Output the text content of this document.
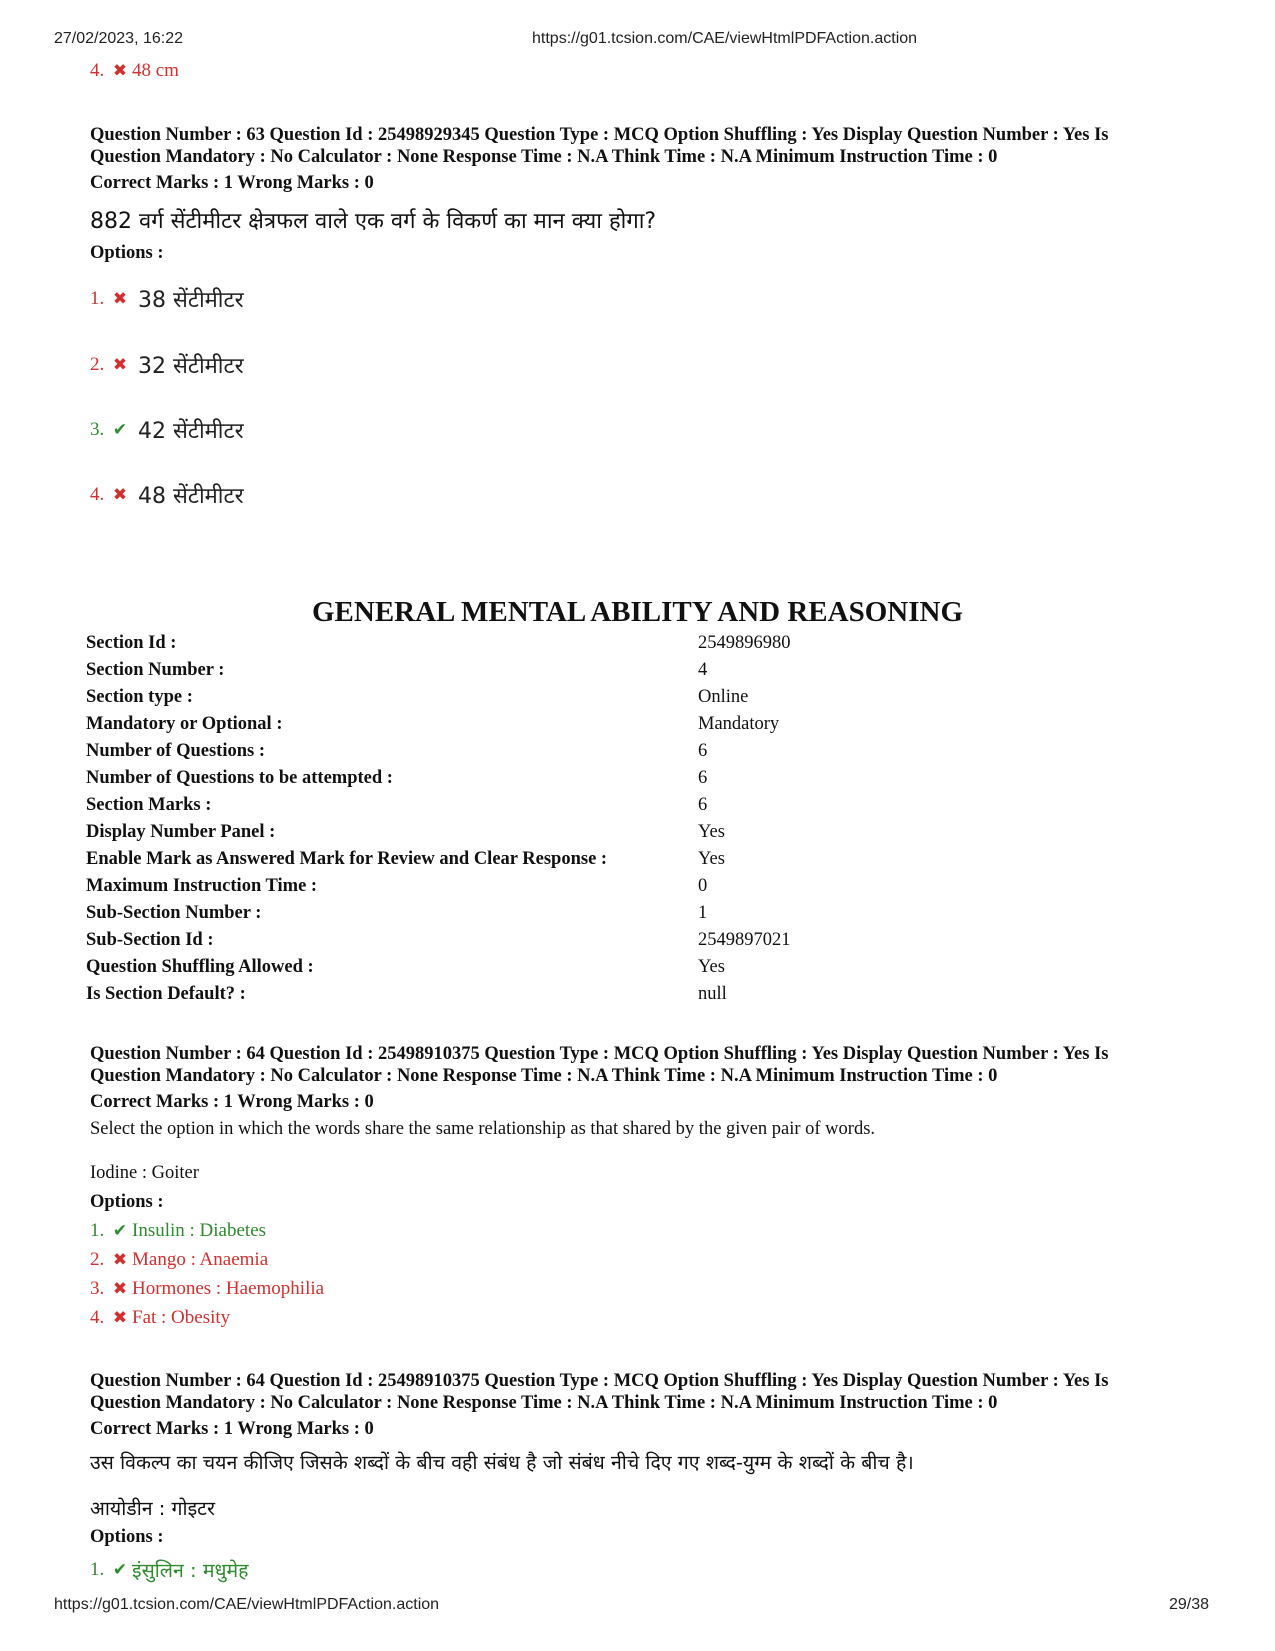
27/02/2023, 16:22	https://g01.tcsion.com/CAE/viewHtmlPDFAction.action
4. ✖ 48 cm
Question Number : 63 Question Id : 25498929345 Question Type : MCQ Option Shuffling : Yes Display Question Number : Yes Is
Question Mandatory : No Calculator : None Response Time : N.A Think Time : N.A Minimum Instruction Time : 0
Correct Marks : 1 Wrong Marks : 0
882 वर्ग सेंटीमीटर क्षेत्रफल वाले एक वर्ग के विकर्ण का मान क्या होगा?
Options :
1. ✖ 38 सेंटीमीटर
2. ✖ 32 सेंटीमीटर
3. ✔ 42 सेंटीमीटर
4. ✖ 48 सेंटीमीटर
GENERAL MENTAL ABILITY AND REASONING
Section Id :	2549896980
Section Number :	4
Section type :	Online
Mandatory or Optional :	Mandatory
Number of Questions :	6
Number of Questions to be attempted :	6
Section Marks :	6
Display Number Panel :	Yes
Enable Mark as Answered Mark for Review and Clear Response :	Yes
Maximum Instruction Time :	0
Sub-Section Number :	1
Sub-Section Id :	2549897021
Question Shuffling Allowed :	Yes
Is Section Default? :	null
Question Number : 64 Question Id : 25498910375 Question Type : MCQ Option Shuffling : Yes Display Question Number : Yes Is
Question Mandatory : No Calculator : None Response Time : N.A Think Time : N.A Minimum Instruction Time : 0
Correct Marks : 1 Wrong Marks : 0
Select the option in which the words share the same relationship as that shared by the given pair of words.
Iodine : Goiter
Options :
1. ✔ Insulin : Diabetes
2. ✖ Mango : Anaemia
3. ✖ Hormones : Haemophilia
4. ✖ Fat : Obesity
Question Number : 64 Question Id : 25498910375 Question Type : MCQ Option Shuffling : Yes Display Question Number : Yes Is
Question Mandatory : No Calculator : None Response Time : N.A Think Time : N.A Minimum Instruction Time : 0
Correct Marks : 1 Wrong Marks : 0
उस विकल्प का चयन कीजिए जिसके शब्दों के बीच वही संबंध है जो संबंध नीचे दिए गए शब्द-युग्म के शब्दों के बीच है।
आयोडीन : गोइटर
Options :
1. ✔ इंसुलिन : मधुमेह
https://g01.tcsion.com/CAE/viewHtmlPDFAction.action	29/38
